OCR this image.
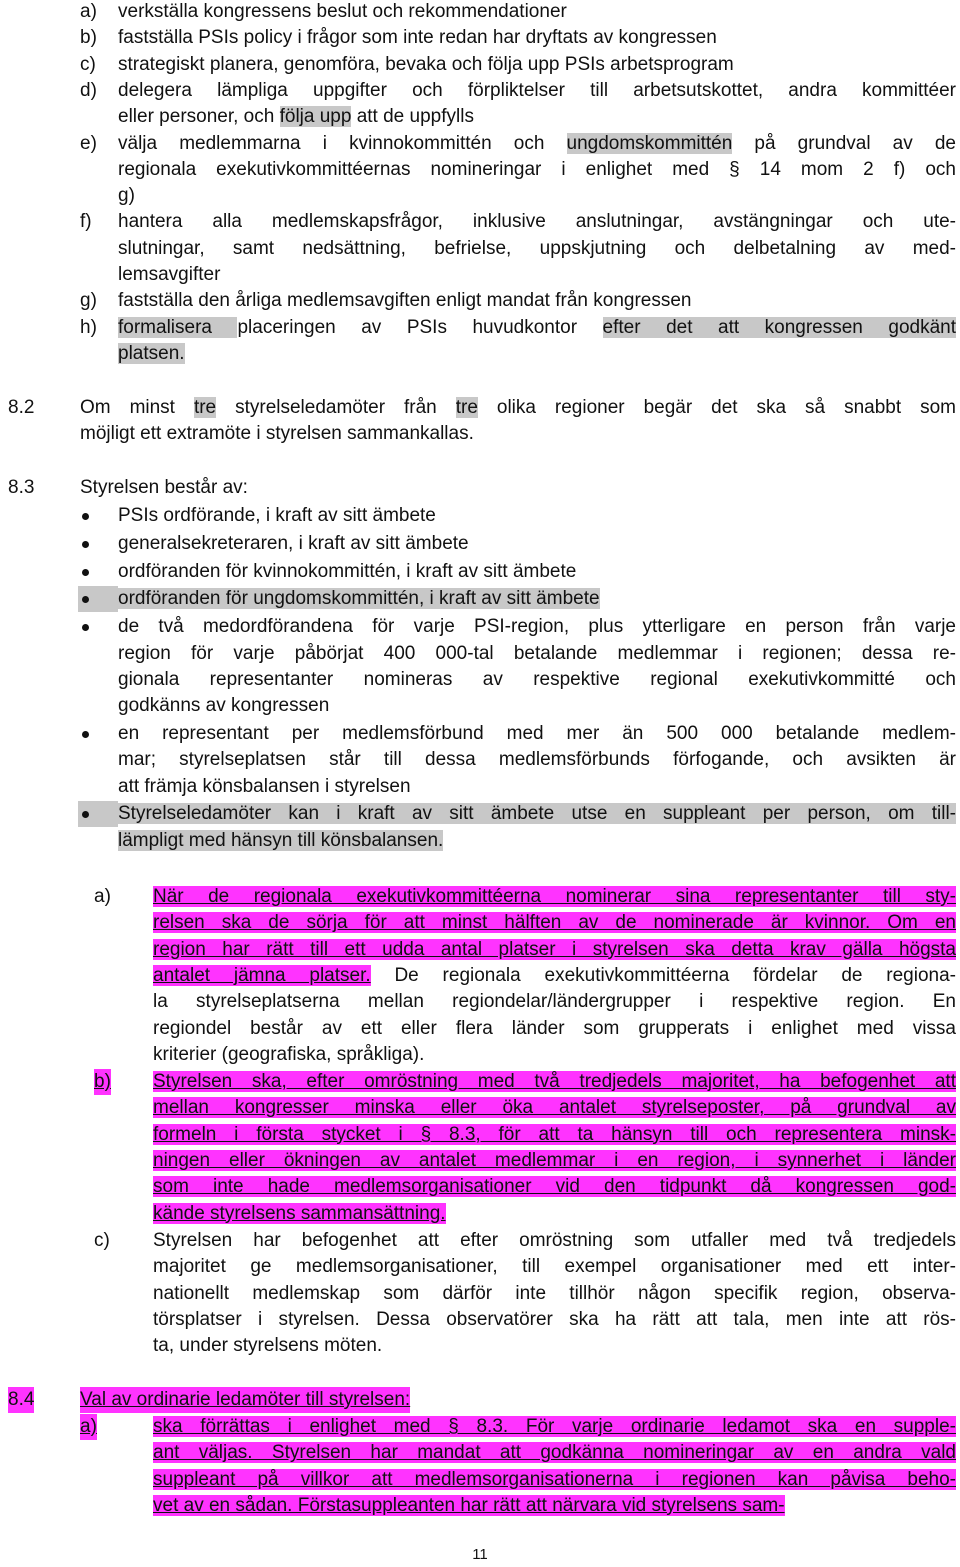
a) verkställa kongressens beslut och rekommendationer
b) fastställa PSIs policy i frågor som inte redan har dryftats av kongressen
c) strategiskt planera, genomföra, bevaka och följa upp PSIs arbetsprogram
d) delegera lämpliga uppgifter och förpliktelser till arbetsutskottet, andra kommittéer
eller personer, och följa upp att de uppfylls
e) välja medlemmarna i kvinnokommittén och ungdomskommittén på grundval av de
regionala exekutivkommittéernas nomineringar i enlighet med § 14 mom 2 f) och
g)
f) hantera alla medlemskapsfrågor, inklusive anslutningar, avstängningar och ute-
slutningar, samt nedsättning, befrielse, uppskjutning och delbetalning av med-
lemsavgifter
g) fastställa den årliga medlemsavgiften enligt mandat från kongressen
h) formalisera placeringen av PSIs huvudkontor efter det att kongressen godkänt
platsen.
8.2 Om minst tre styrelseledamöter från tre olika regioner begär det ska så snabbt som
möjligt ett extramöte i styrelsen sammankallas.
8.3 Styrelsen består av:
PSIs ordförande, i kraft av sitt ämbete
generalsekreteraren, i kraft av sitt ämbete
ordföranden för kvinnokommittén, i kraft av sitt ämbete
ordföranden för ungdomskommittén, i kraft av sitt ämbete
de två medordförandena för varje PSI-region, plus ytterligare en person från varje
region för varje påbörjat 400 000-tal betalande medlemmar i regionen; dessa re-
gionala representanter nomineras av respektive regional exekutivkommitté och
godkänns av kongressen
en representant per medlemsförbund med mer än 500 000 betalande medlem-
mar; styrelseplatsen står till dessa medlemsförbunds förfogande, och avsikten är
att främja könsbalansen i styrelsen
Styrelseledamöter kan i kraft av sitt ämbete utse en suppleant per person, om till-
lämpligt med hänsyn till könsbalansen.
a) När de regionala exekutivkommittéerna nominerar sina representanter till sty-
relsen ska de sörja för att minst hälften av de nominerade är kvinnor. Om en
region har rätt till ett udda antal platser i styrelsen ska detta krav gälla högsta
antalet jämna platser. De regionala exekutivkommittéerna fördelar de regiona-
la styrelseplatserna mellan regiondelar/ländergrupper i respektive region. En
regiondel består av ett eller flera länder som grupperats i enlighet med vissa
kriterier (geografiska, språkliga).
b) Styrelsen ska, efter omröstning med två tredjedels majoritet, ha befogenhet att
mellan kongresser minska eller öka antalet styrelseposter, på grundval av
formeln i första stycket i § 8.3, för att ta hänsyn till och representera minsk-
ningen eller ökningen av antalet medlemmar i en region, i synnerhet i länder
som inte hade medlemsorganisationer vid den tidpunkt då kongressen god-
kände styrelsens sammansättning.
c) Styrelsen har befogenhet att efter omröstning som utfaller med två tredjedels
majoritet ge medlemsorganisationer, till exempel organisationer med ett inter-
nationellt medlemskap som därför inte tillhör någon specifik region, observa-
törsplatser i styrelsen. Dessa observatörer ska ha rätt att tala, men inte att rös-
ta, under styrelsens möten.
8.4 Val av ordinarie ledamöter till styrelsen:
a)	ska förrättas i enlighet med § 8.3. För varje ordinarie ledamot ska en supple-
ant väljas. Styrelsen har mandat att godkänna nomineringar av en andra vald
suppleant på villkor att medlemsorganisationerna i regionen kan påvisa beho-
vet av en sådan. Förstasuppleanten har rätt att närvara vid styrelsens sam-
11
